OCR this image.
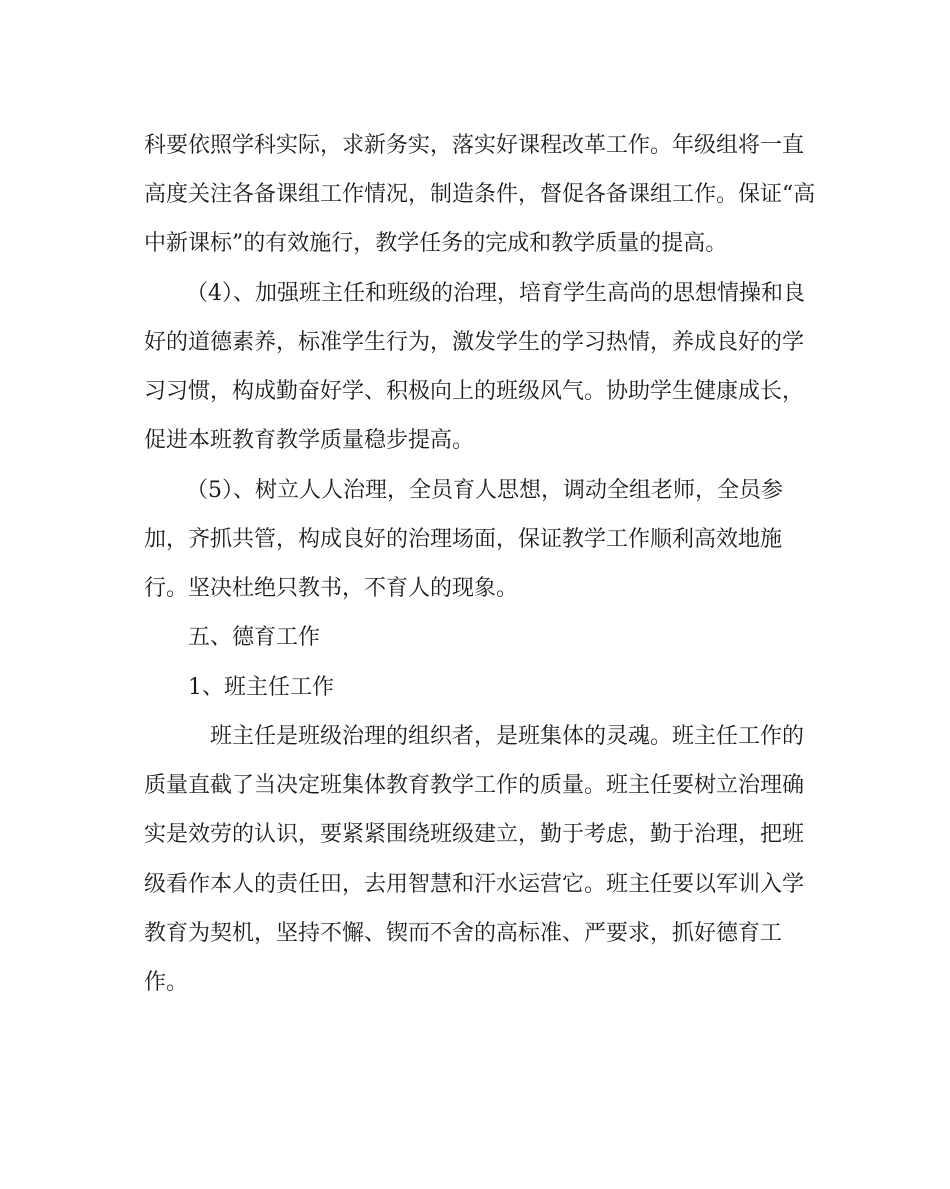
科要依照学科实际，求新务实，落实好课程改革工作。年级组将一直
高度关注各备课组工作情况，制造条件，督促各备课组工作。保证“高
中新课标”的有效施行，教学任务的完成和教学质量的提高。
（4）、加强班主任和班级的治理，培育学生高尚的思想情操和良
好的道德素养，标准学生行为，激发学生的学习热情，养成良好的学
习习惯，构成勤奋好学、积极向上的班级风气。协助学生健康成长，
促进本班教育教学质量稳步提高。
（5）、树立人人治理，全员育人思想，调动全组老师，全员参
加，齐抓共管，构成良好的治理场面，保证教学工作顺利高效地施
行。坚决杜绝只教书，不育人的现象。
五、德育工作
1、班主任工作
班主任是班级治理的组织者，是班集体的灵魂。班主任工作的
质量直截了当决定班集体教育教学工作的质量。班主任要树立治理确
实是效劳的认识，要紧紧围绕班级建立，勤于考虑，勤于治理，把班
级看作本人的责任田，去用智慧和汗水运营它。班主任要以军训入学
教育为契机，坚持不懈、锲而不舍的高标准、严要求，抓好德育工
作。
